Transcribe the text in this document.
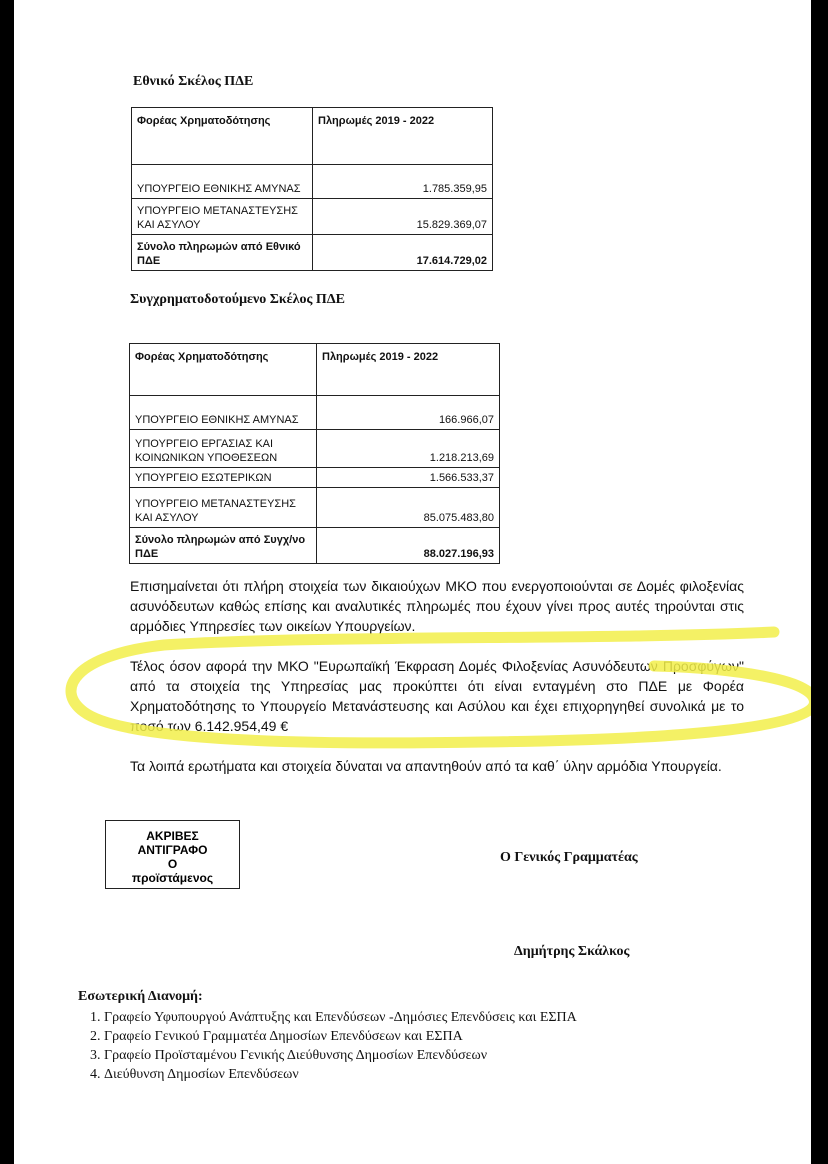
Εθνικό Σκέλος ΠΔΕ
Φορέας Χρηματοδότησης	Πληρωμές 2019 - 2022
ΥΠΟΥΡΓΕΙΟ ΕΘΝΙΚΗΣ ΑΜΥΝΑΣ	1.785.359,95
ΥΠΟΥΡΓΕΙΟ ΜΕΤΑΝΑΣΤΕΥΣΗΣ ΚΑΙ ΑΣΥΛΟΥ	15.829.369,07
Σύνολο πληρωμών από Εθνικό ΠΔΕ	17.614.729,02
Συγχρηματοδοτούμενο Σκέλος ΠΔΕ
Φορέας Χρηματοδότησης	Πληρωμές 2019 - 2022
ΥΠΟΥΡΓΕΙΟ ΕΘΝΙΚΗΣ ΑΜΥΝΑΣ	166.966,07
ΥΠΟΥΡΓΕΙΟ ΕΡΓΑΣΙΑΣ ΚΑΙ ΚΟΙΝΩΝΙΚΩΝ ΥΠΟΘΕΣΕΩΝ	1.218.213,69
ΥΠΟΥΡΓΕΙΟ ΕΣΩΤΕΡΙΚΩΝ	1.566.533,37
ΥΠΟΥΡΓΕΙΟ ΜΕΤΑΝΑΣΤΕΥΣΗΣ ΚΑΙ ΑΣΥΛΟΥ	85.075.483,80
Σύνολο πληρωμών από Συγχ/νο ΠΔΕ	88.027.196,93
Επισημαίνεται ότι πλήρη στοιχεία των δικαιούχων ΜΚΟ που ενεργοποιούνται σε Δομές φιλοξενίας ασυνόδευτων καθώς επίσης και αναλυτικές πληρωμές που έχουν γίνει προς αυτές τηρούνται στις αρμόδιες Υπηρεσίες των οικείων Υπουργείων.
Τέλος όσον αφορά την ΜΚΟ "Ευρωπαϊκή Έκφραση Δομές Φιλοξενίας Ασυνόδευτων Προσφύγων" από τα στοιχεία της Υπηρεσίας μας προκύπτει ότι είναι ενταγμένη στο ΠΔΕ με Φορέα Χρηματοδότησης το Υπουργείο Μετανάστευσης και Ασύλου και έχει επιχορηγηθεί συνολικά με το ποσό των 6.142.954,49 €
Τα λοιπά ερωτήματα και στοιχεία δύναται να απαντηθούν από τα καθ΄ ύλην αρμόδια Υπουργεία.
ΑΚΡΙΒΕΣ
ΑΝΤΙΓΡΑΦΟ
Ο
προϊστάμενος
Ο Γενικός Γραμματέας
Δημήτρης Σκάλκος
Εσωτερική Διανομή:
1. Γραφείο Υφυπουργού Ανάπτυξης και Επενδύσεων -Δημόσιες Επενδύσεις και ΕΣΠΑ
2. Γραφείο Γενικού Γραμματέα Δημοσίων Επενδύσεων και ΕΣΠΑ
3. Γραφείο Προϊσταμένου Γενικής Διεύθυνσης Δημοσίων Επενδύσεων
4. Διεύθυνση Δημοσίων Επενδύσεων
